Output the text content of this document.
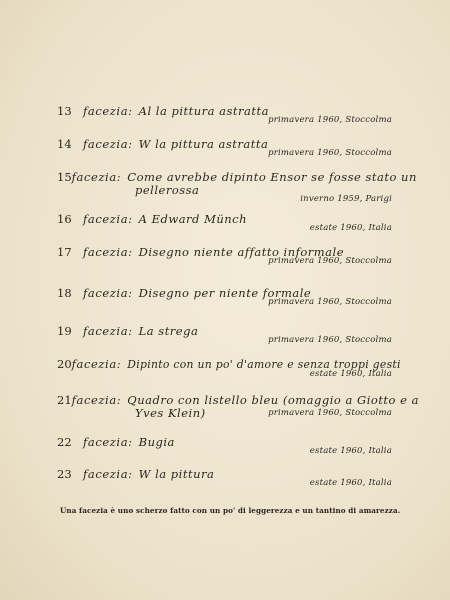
13 facezia: Al la pittura astratta
primavera 1960, Stoccolma
14 facezia: W la pittura astratta
primavera 1960, Stoccolma
15 facezia: Come avrebbe dipinto Ensor se fosse stato un
pellerossa
inverno 1959, Parigi
16 facezia: A Edward Münch
estate 1960, Italia
17 facezia: Disegno niente affatto informale
primavera 1960, Stoccolma
18 facezia: Disegno per niente formale
primavera 1960, Stoccolma
19 facezia: La strega
primavera 1960, Stoccolma
20 facezia: Dipinto con un po' d'amore e senza troppi gesti
estate 1960, Italia
21 facezia: Quadro con listello bleu (omaggio a Giotto e a
Yves Klein)	primavera 1960, Stoccolma
22 facezia: Bugia
estate 1960, Italia
23 facezia: W la pittura
estate 1960, Italia
Una facezia è uno scherzo fatto con un po' di leggerezza e un tantino di amarezza.
